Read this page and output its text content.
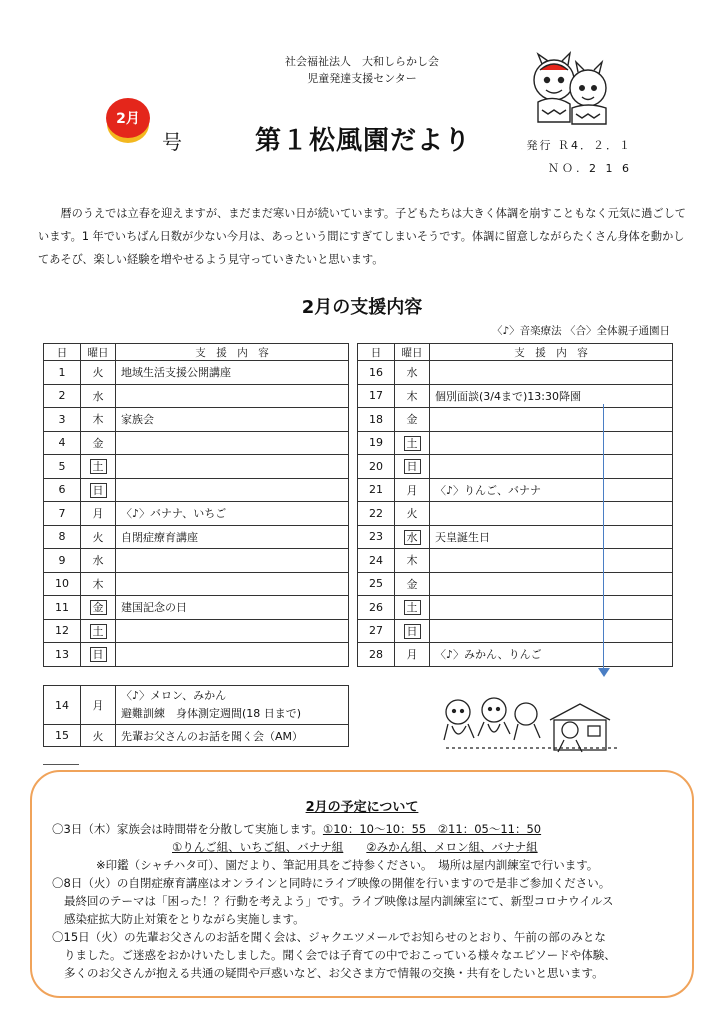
社会福祉法人　大和しらかし会
児童発達支援センター
2月
号	第１松風園だより	発行 Ｒ4．２．１
ＮＯ. 2 1 6
暦のうえでは立春を迎えますが、まだまだ寒い日が続いています。子どもたちは大きく体調を崩すこともなく元気に過ごしています。1 年でいちばん日数が少ない今月は、あっという間にすぎてしまいそうです。体調に留意しながらたくさん身体を動かしてあそび、楽しい経験を増やせるよう見守っていきたいと思います。
2月の支援内容
〈♪〉音楽療法 〈合〉全体親子通園日
日	曜日	支　援　内　容
1	火	地域生活支援公開講座
2	水	
3	木	家族会
4	金	
5	土	
6	日	
7	月	〈♪〉バナナ、いちご
8	火	自閉症療育講座
9	水	
10	木	
11	金	建国記念の日
12	土	
13	日	
日	曜日	支　援　内　容
16	水	
17	木	個別面談(3/4まで)13:30降園
18	金	
19	土	
20	日	
21	月	〈♪〉りんご、バナナ
22	火	
23	水	天皇誕生日
24	木	
25	金	
26	土	
27	日	
28	月	〈♪〉みかん、りんご
14	月	〈♪〉メロン、みかん
避難訓練　身体測定週間(18 日まで)

15	火	先輩お父さんのお話を聞く会（AM）
2月の予定について
〇3日（木）家族会は時間帯を分散して実施します。①10：10～10：55　②11：05～11：50
①りんご組、いちご組、バナナ組　　 ②みかん組、メロン組、バナナ組
※印鑑（シャチハタ可）、園だより、筆記用具をご持参ください。　場所は屋内訓練室で行います。
〇8日（火）の自閉症療育講座はオンラインと同時にライブ映像の開催を行いますので是非ご参加ください。
最終回のテーマは「困った！？行動を考えよう」です。ライブ映像は屋内訓練室にて、新型コロナウイルス
感染症拡大防止対策をとりながら実施します。
〇15日（火）の先輩お父さんのお話を聞く会は、ジャクエツメールでお知らせのとおり、午前の部のみとな
りました。ご迷惑をおかけいたしました。聞く会では子育ての中でおこっている様々なエピソードや体験、
多くのお父さんが抱える共通の疑問や戸惑いなど、お父さま方で情報の交換・共有をしたいと思います。
